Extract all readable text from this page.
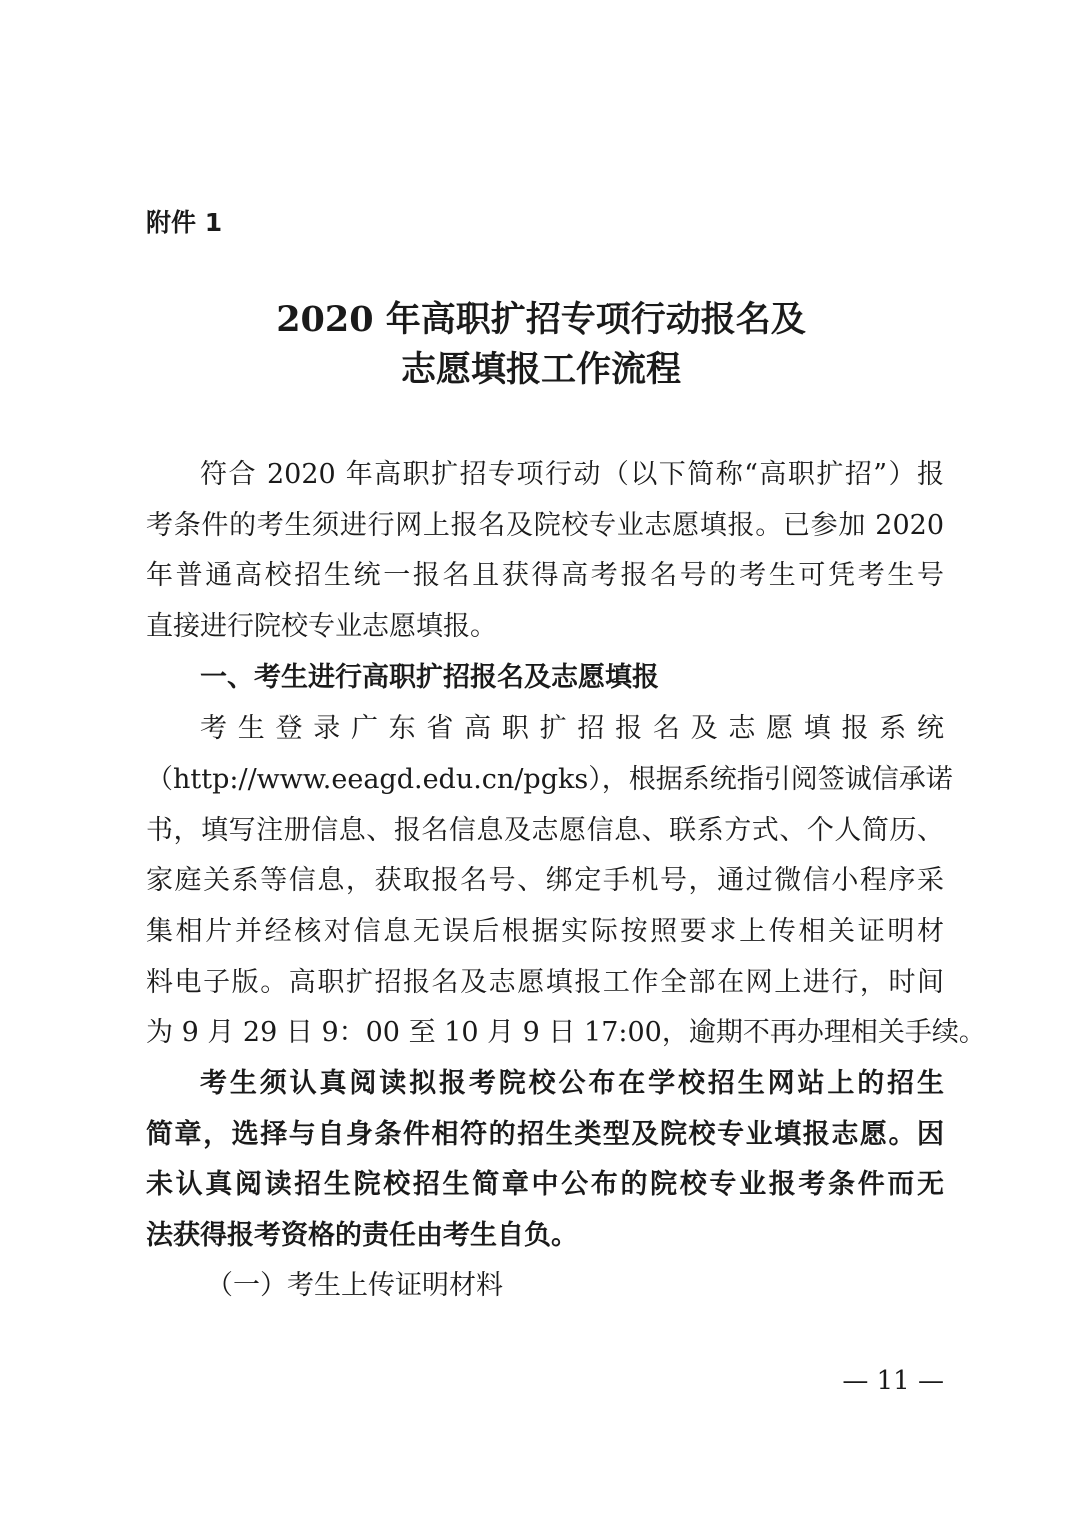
附件 1
2020 年高职扩招专项行动报名及
志愿填报工作流程
符合 2020 年高职扩招专项行动（以下简称“高职扩招”）报
考条件的考生须进行网上报名及院校专业志愿填报。已参加 2020
年普通高校招生统一报名且获得高考报名号的考生可凭考生号
直接进行院校专业志愿填报。
一、考生进行高职扩招报名及志愿填报
考生登录广东省高职扩招报名及志愿填报系统
（http://www.eeagd.edu.cn/pgks），根据系统指引阅签诚信承诺
书，填写注册信息、报名信息及志愿信息、联系方式、个人简历、
家庭关系等信息，获取报名号、绑定手机号，通过微信小程序采
集相片并经核对信息无误后根据实际按照要求上传相关证明材
料电子版。高职扩招报名及志愿填报工作全部在网上进行，时间
为 9 月 29 日 9：00 至 10 月 9 日 17:00，逾期不再办理相关手续。
考生须认真阅读拟报考院校公布在学校招生网站上的招生
简章，选择与自身条件相符的招生类型及院校专业填报志愿。因
未认真阅读招生院校招生简章中公布的院校专业报考条件而无
法获得报考资格的责任由考生自负。
（一）考生上传证明材料
— 11 —
